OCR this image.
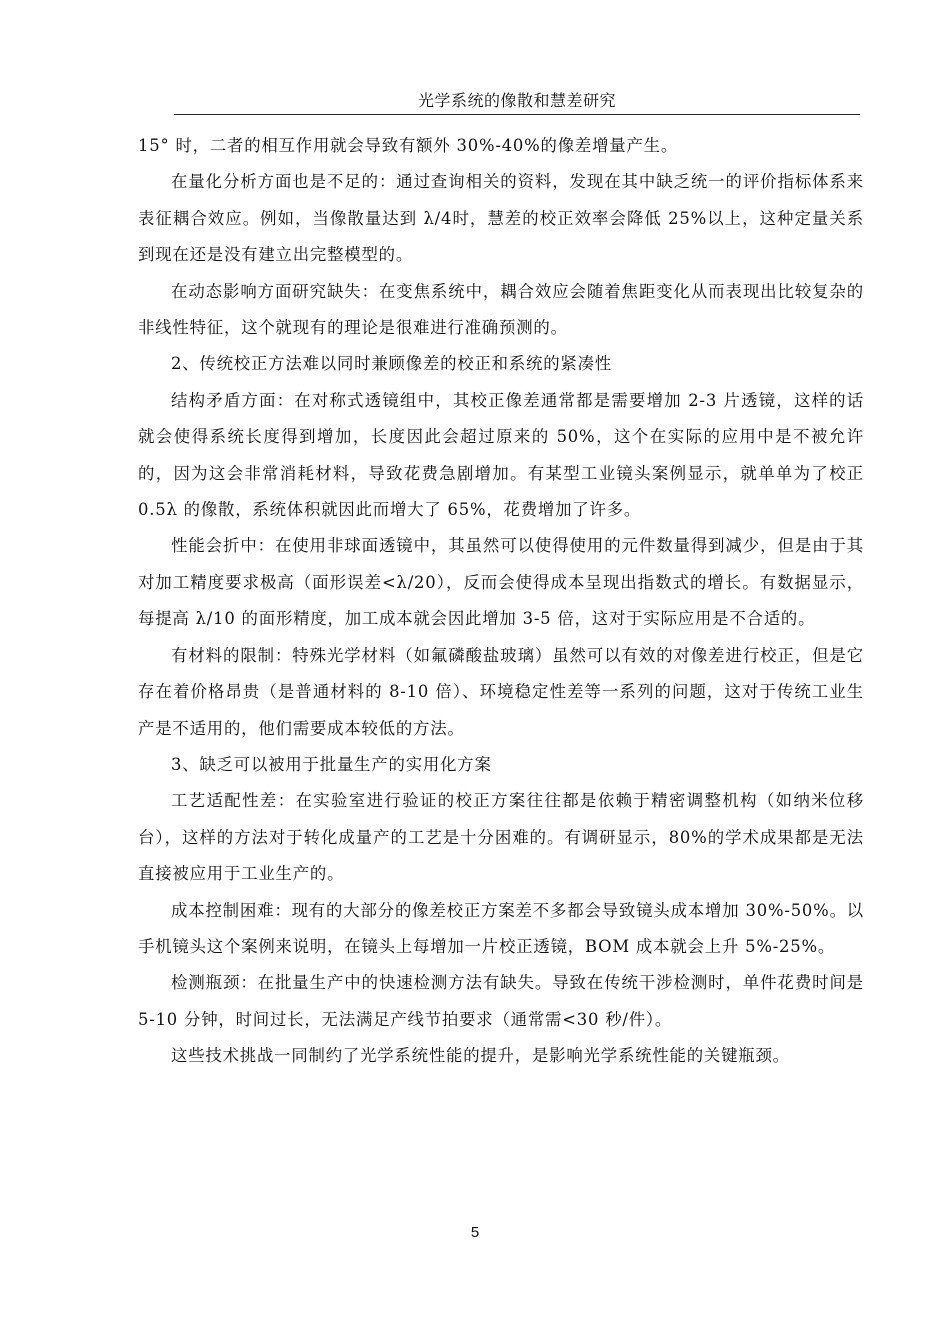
光学系统的像散和慧差研究

15° 时，二者的相互作用就会导致有额外 30%-40%的像差增量产生。

在量化分析方面也是不足的：通过查询相关的资料，发现在其中缺乏统一的评价指标体系来表征耦合效应。例如，当像散量达到 λ/4时，慧差的校正效率会降低 25%以上，这种定量关系到现在还是没有建立出完整模型的。

在动态影响方面研究缺失：在变焦系统中，耦合效应会随着焦距变化从而表现出比较复杂的非线性特征，这个就现有的理论是很难进行准确预测的。

2、传统校正方法难以同时兼顾像差的校正和系统的紧凑性

结构矛盾方面：在对称式透镜组中，其校正像差通常都是需要增加 2-3 片透镜，这样的话就会使得系统长度得到增加，长度因此会超过原来的 50%，这个在实际的应用中是不被允许的，因为这会非常消耗材料，导致花费急剧增加。有某型工业镜头案例显示，就单单为了校正 0.5λ 的像散，系统体积就因此而增大了 65%，花费增加了许多。

性能会折中：在使用非球面透镜中，其虽然可以使得使用的元件数量得到减少，但是由于其对加工精度要求极高（面形误差<λ/20），反而会使得成本呈现出指数式的增长。有数据显示，每提高 λ/10 的面形精度，加工成本就会因此增加 3-5 倍，这对于实际应用是不合适的。

有材料的限制：特殊光学材料（如氟磷酸盐玻璃）虽然可以有效的对像差进行校正，但是它存在着价格昂贵（是普通材料的 8-10 倍）、环境稳定性差等一系列的问题，这对于传统工业生产是不适用的，他们需要成本较低的方法。

3、缺乏可以被用于批量生产的实用化方案

工艺适配性差：在实验室进行验证的校正方案往往都是依赖于精密调整机构（如纳米位移台），这样的方法对于转化成量产的工艺是十分困难的。有调研显示，80%的学术成果都是无法直接被应用于工业生产的。

成本控制困难：现有的大部分的像差校正方案差不多都会导致镜头成本增加 30%-50%。以手机镜头这个案例来说明，在镜头上每增加一片校正透镜，BOM 成本就会上升 5%-25%。

检测瓶颈：在批量生产中的快速检测方法有缺失。导致在传统干涉检测时，单件花费时间是 5-10 分钟，时间过长，无法满足产线节拍要求（通常需<30 秒/件）。

这些技术挑战一同制约了光学系统性能的提升，是影响光学系统性能的关键瓶颈。

5
